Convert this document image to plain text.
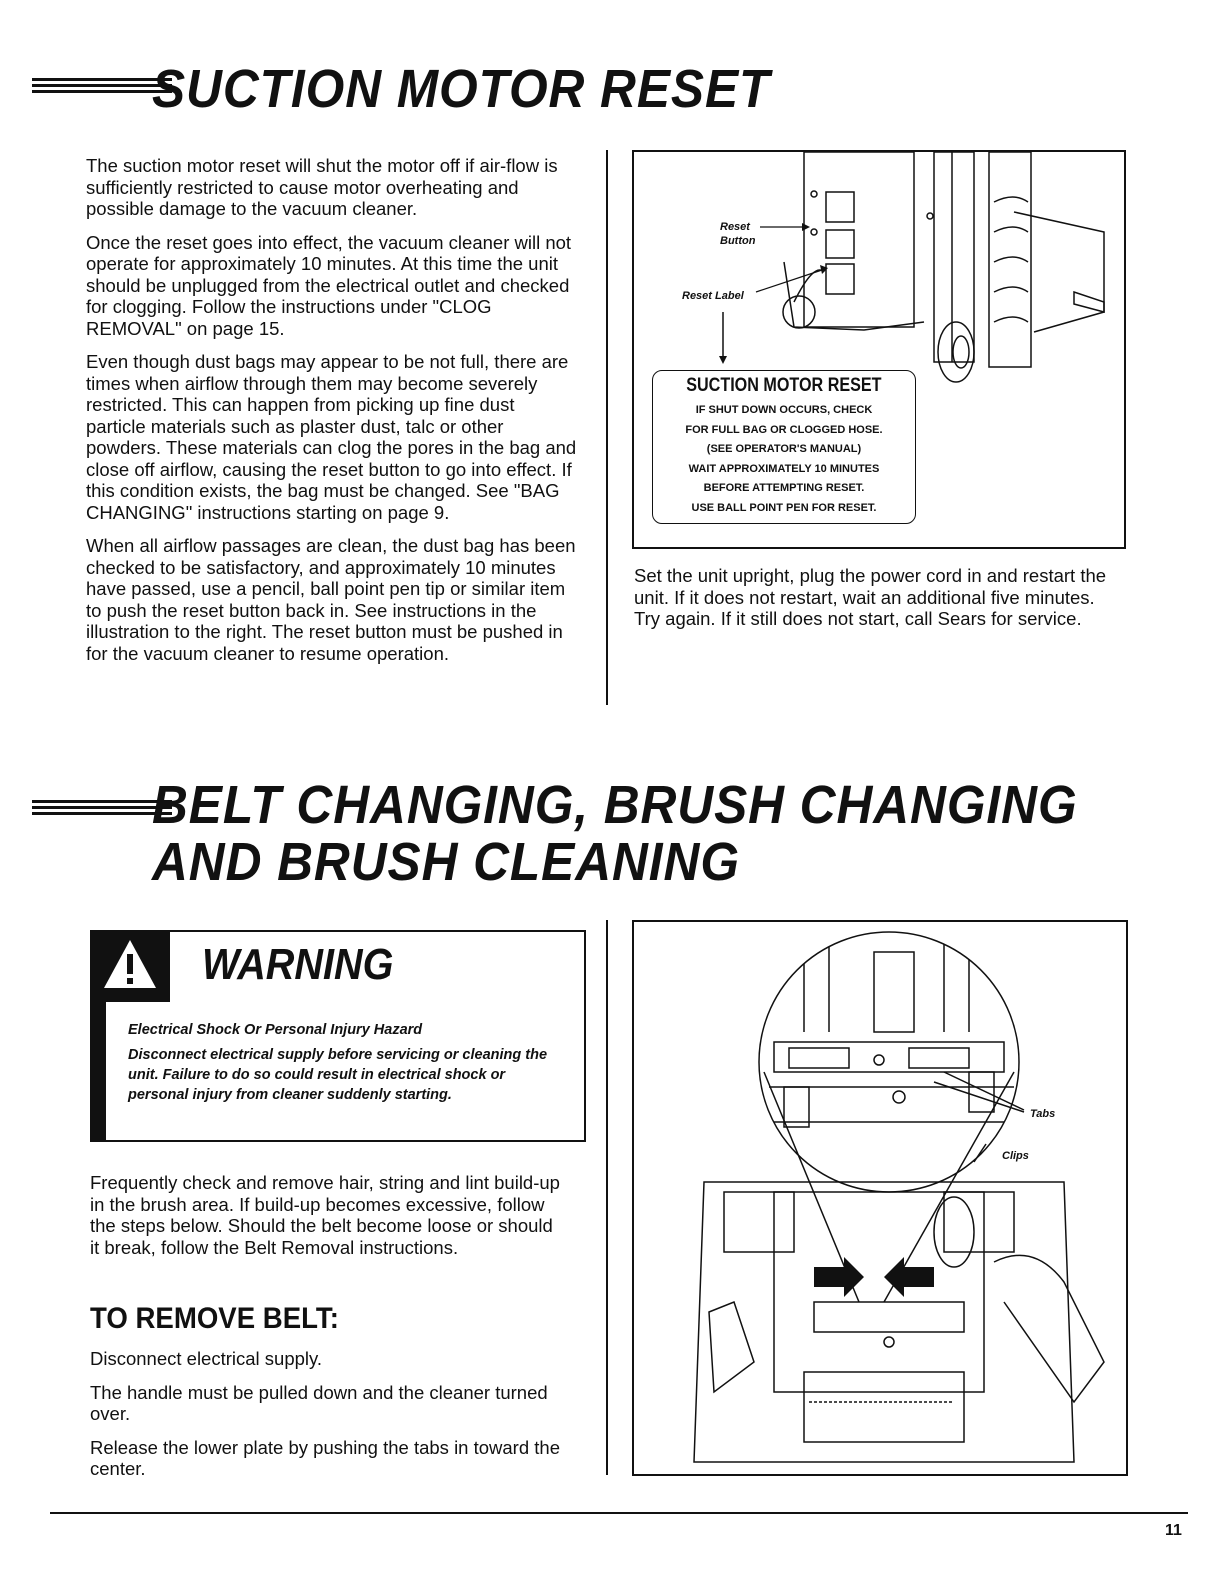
SUCTION MOTOR RESET

The suction motor reset will shut the motor off if air-flow is sufficiently restricted to cause motor overheating and possible damage to the vacuum cleaner.

Once the reset goes into effect, the vacuum cleaner will not operate for approximately 10 minutes. At this time the unit should be unplugged from the electrical outlet and checked for clogging. Follow the instructions under "CLOG REMOVAL" on page 15.

Even though dust bags may appear to be not full, there are times when airflow through them may become severely restricted. This can happen from picking up fine dust particle materials such as plaster dust, talc or other powders. These materials can clog the pores in the bag and close off airflow, causing the reset button to go into effect. If this condition exists, the bag must be changed. See "BAG CHANGING" instructions starting on page 9.

When all airflow passages are clean, the dust bag has been checked to be satisfactory, and approximately 10 minutes have passed, use a pencil, ball point pen tip or similar item to push the reset button back in. See instructions in the illustration to the right. The reset button must be pushed in for the vacuum cleaner to resume operation.

Reset Button
Reset Label
SUCTION MOTOR RESET
IF SHUT DOWN OCCURS, CHECK
FOR FULL BAG OR CLOGGED HOSE.
(SEE OPERATOR'S MANUAL)
WAIT APPROXIMATELY 10 MINUTES
BEFORE ATTEMPTING RESET.
USE BALL POINT PEN FOR RESET.
Set the unit upright, plug the power cord in and restart the unit. If it does not restart, wait an additional five minutes. Try again. If it still does not start, call Sears for service.
BELT CHANGING, BRUSH CHANGING
AND BRUSH CLEANING
WARNING
Electrical Shock Or Personal Injury Hazard
Disconnect electrical supply before servicing or cleaning the unit. Failure to do so could result in electrical shock or personal injury from cleaner suddenly starting.
Frequently check and remove hair, string and lint build-up in the brush area. If build-up becomes excessive, follow the steps below. Should the belt become loose or should it break, follow the Belt Removal instructions.
TO REMOVE BELT:

Disconnect electrical supply.

The handle must be pulled down and the cleaner turned over.

Release the lower plate by pushing the tabs in toward the center.

Tabs
Clips
11
